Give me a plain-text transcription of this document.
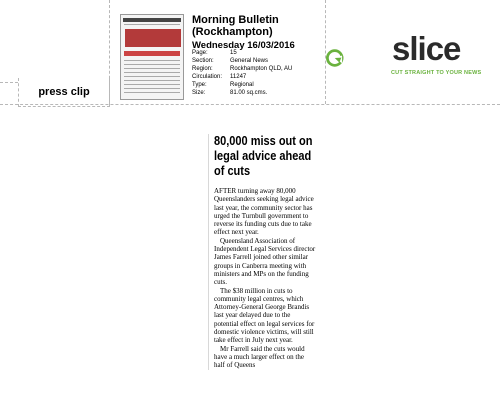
press clip
Morning Bulletin (Rockhampton)
Wednesday 16/03/2016
Page:	15
Section:	General News
Region:	Rockhampton QLD, AU
Circulation:	11247
Type:	Regional
Size:	81.00 sq.cms.
slice
CUT STRAIGHT TO YOUR NEWS
80,000 miss out on legal advice ahead of cuts

AFTER turning away 80,000 Queenslanders seeking legal advice last year, the community sector has urged the Turnbull government to reverse its funding cuts due to take effect next year.

Queensland Association of Independent Legal Services director James Farrell joined other similar groups in Canberra meeting with ministers and MPs on the funding cuts.

The $38 million in cuts to community legal centres, which Attorney-General George Brandis last year delayed due to the potential effect on legal services for domestic violence victims, will still take effect in July next year.

Mr Farrell said the cuts would have a much larger effect on the half of Queens
